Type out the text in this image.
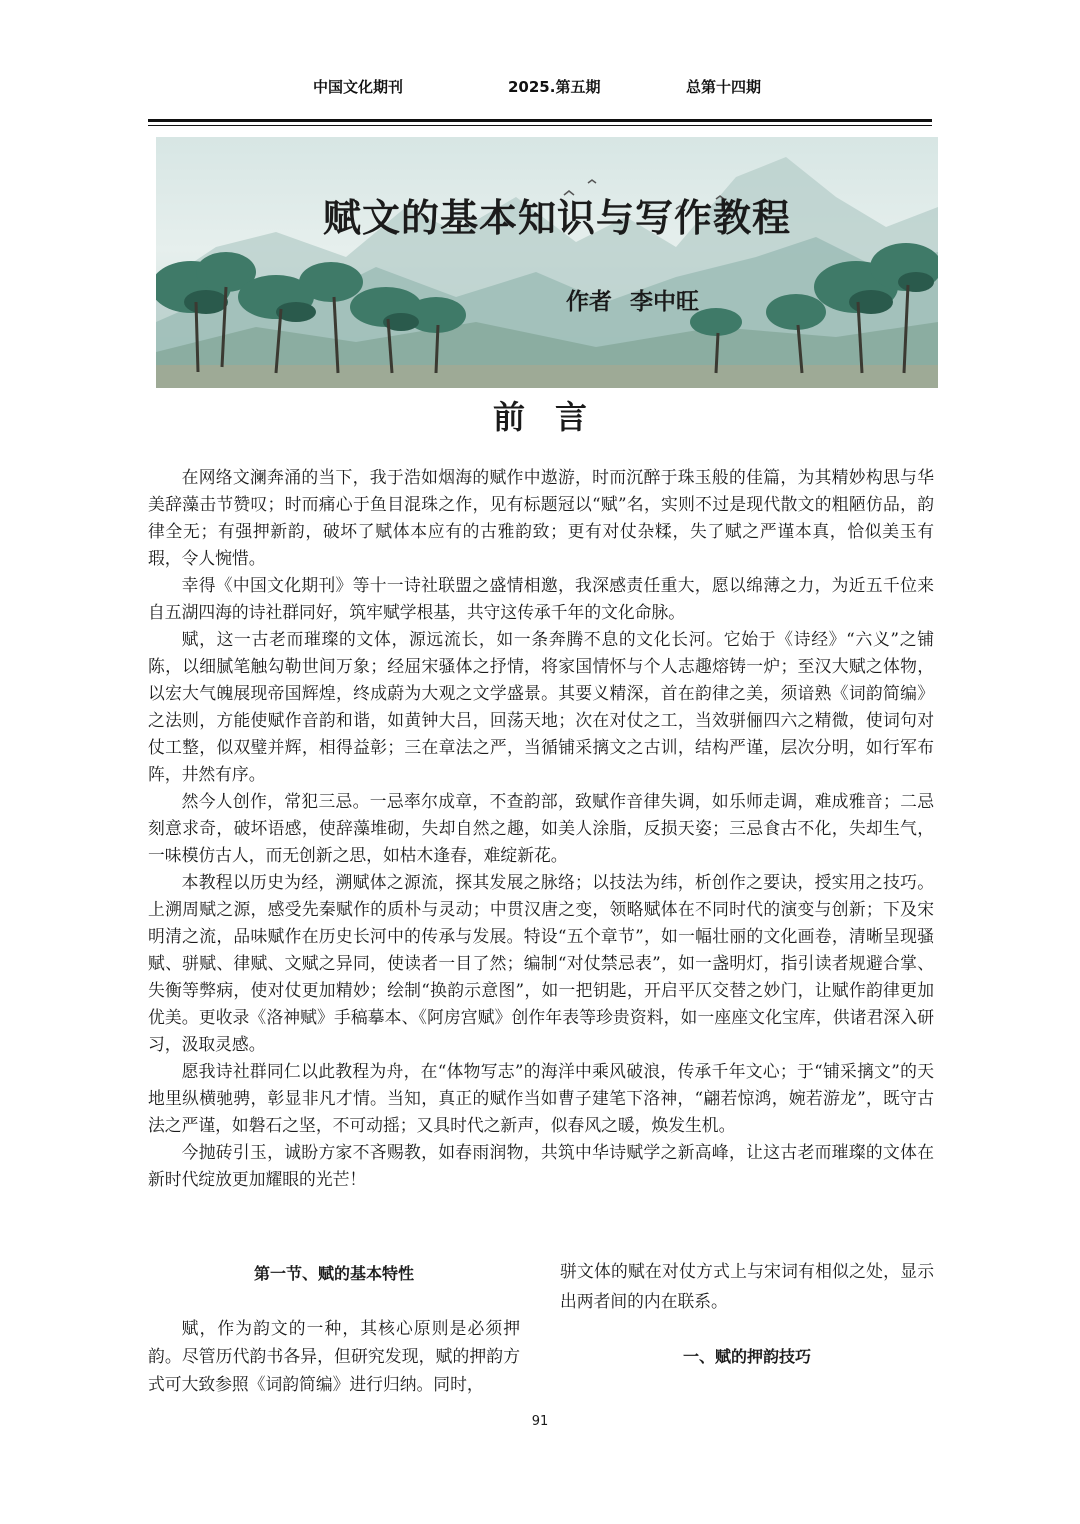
中国文化期刊	2025.第五期	总第十四期
赋文的基本知识与写作教程
作者 李中旺
前言

在网络文澜奔涌的当下，我于浩如烟海的赋作中遨游，时而沉醉于珠玉般的佳篇，为其精妙构思与华美辞藻击节赞叹；时而痛心于鱼目混珠之作，见有标题冠以“赋”名，实则不过是现代散文的粗陋仿品，韵律全无；有强押新韵，破坏了赋体本应有的古雅韵致；更有对仗杂糅，失了赋之严谨本真，恰似美玉有瑕，令人惋惜。

幸得《中国文化期刊》等十一诗社联盟之盛情相邀，我深感责任重大，愿以绵薄之力，为近五千位来自五湖四海的诗社群同好，筑牢赋学根基，共守这传承千年的文化命脉。

赋，这一古老而璀璨的文体，源远流长，如一条奔腾不息的文化长河。它始于《诗经》“六义”之铺陈，以细腻笔触勾勒世间万象；经屈宋骚体之抒情，将家国情怀与个人志趣熔铸一炉；至汉大赋之体物，以宏大气魄展现帝国辉煌，终成蔚为大观之文学盛景。其要义精深，首在韵律之美，须谙熟《词韵简编》之法则，方能使赋作音韵和谐，如黄钟大吕，回荡天地；次在对仗之工，当效骈俪四六之精微，使词句对仗工整，似双璧并辉，相得益彰；三在章法之严，当循铺采摛文之古训，结构严谨，层次分明，如行军布阵，井然有序。

然今人创作，常犯三忌。一忌率尔成章，不查韵部，致赋作音律失调，如乐师走调，难成雅音；二忌刻意求奇，破坏语感，使辞藻堆砌，失却自然之趣，如美人涂脂，反损天姿；三忌食古不化，失却生气，一味模仿古人，而无创新之思，如枯木逢春，难绽新花。

本教程以历史为经，溯赋体之源流，探其发展之脉络；以技法为纬，析创作之要诀，授实用之技巧。上溯周赋之源，感受先秦赋作的质朴与灵动；中贯汉唐之变，领略赋体在不同时代的演变与创新；下及宋明清之流，品味赋作在历史长河中的传承与发展。特设“五个章节”，如一幅壮丽的文化画卷，清晰呈现骚赋、骈赋、律赋、文赋之异同，使读者一目了然；编制“对仗禁忌表”，如一盏明灯，指引读者规避合掌、失衡等弊病，使对仗更加精妙；绘制“换韵示意图”，如一把钥匙，开启平仄交替之妙门，让赋作韵律更加优美。更收录《洛神赋》手稿摹本、《阿房宫赋》创作年表等珍贵资料，如一座座文化宝库，供诸君深入研习，汲取灵感。

愿我诗社群同仁以此教程为舟，在“体物写志”的海洋中乘风破浪，传承千年文心；于“铺采摛文”的天地里纵横驰骋，彰显非凡才情。当知，真正的赋作当如曹子建笔下洛神，“翩若惊鸿，婉若游龙”，既守古法之严谨，如磐石之坚，不可动摇；又具时代之新声，似春风之暖，焕发生机。

今抛砖引玉，诚盼方家不吝赐教，如春雨润物，共筑中华诗赋学之新高峰，让这古老而璀璨的文体在新时代绽放更加耀眼的光芒！

第一节、赋的基本特性

赋，作为韵文的一种，其核心原则是必须押韵。尽管历代韵书各异，但研究发现，赋的押韵方式可大致参照《词韵简编》进行归纳。同时，

骈文体的赋在对仗方式上与宋词有相似之处，显示出两者间的内在联系。

一、赋的押韵技巧
91
